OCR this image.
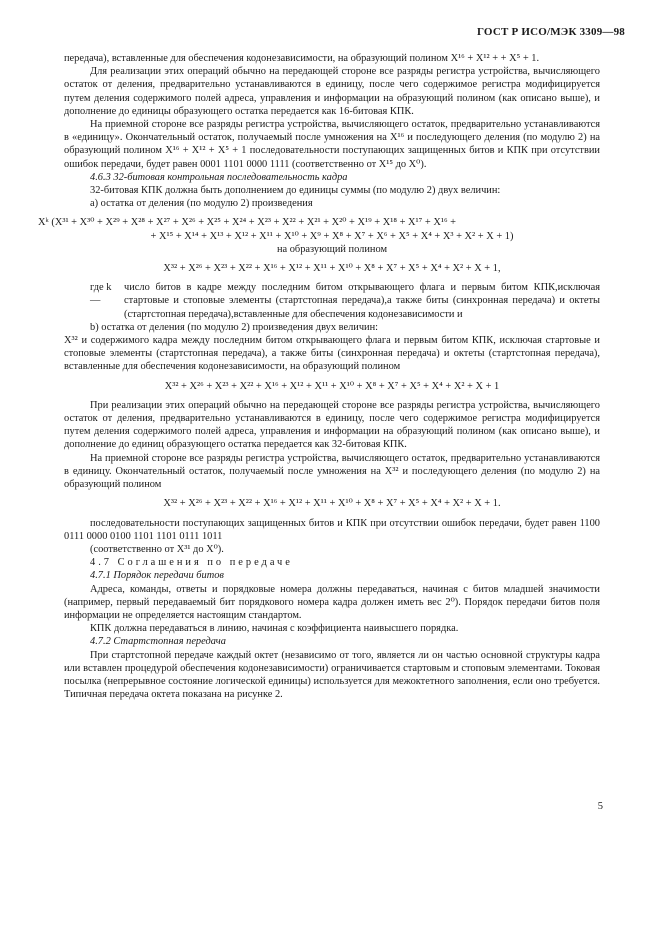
ГОСТ Р ИСО/МЭК 3309—98

передача), вставленные для обеспечения кодонезависимости, на образующий полином X¹⁶ + X¹² + + X⁵ + 1.

Для реализации этих операций обычно на передающей стороне все разряды регистра устройства, вычисляющего остаток от деления, предварительно устанавливаются в единицу, после чего содержимое регистра модифицируется путем деления содержимого полей адреса, управления и информации на образующий полином (как описано выше), и дополнение до единицы образующего остатка передается как 16-битовая КПК.

На приемной стороне все разряды регистра устройства, вычисляющего остаток, предварительно устанавливаются в «единицу». Окончательный остаток, получаемый после умножения на X¹⁶ и последующего деления (по модулю 2) на образующий полином X¹⁶ + X¹² + X⁵ + 1 последовательности поступающих защищенных битов и КПК при отсутствии ошибок передачи, будет равен 0001 1101 0000 1111 (соответственно от X¹⁵ до X⁰).

4.6.3 32-битовая контрольная последовательность кадра

32-битовая КПК должна быть дополнением до единицы суммы (по модулю 2) двух величин:

а) остатка от деления (по модулю 2) произведения

Xᵏ (X³¹ + X³⁰ + X²⁹ + X²⁸ + X²⁷ + X²⁶ + X²⁵ + X²⁴ + X²³ + X²² + X²¹ + X²⁰ + X¹⁹ + X¹⁸ + X¹⁷ + X¹⁶ +

+ X¹⁵ + X¹⁴ + X¹³ + X¹² + X¹¹ + X¹⁰ + X⁹ + X⁸ + X⁷ + X⁶ + X⁵ + X⁴ + X³ + X² + X + 1)

на образующий полином

X³² + X²⁶ + X²³ + X²² + X¹⁶ + X¹² + X¹¹ + X¹⁰ + X⁸ + X⁷ + X⁵ + X⁴ + X² + X + 1,

где k —
число битов в кадре между последним битом открывающего флага и первым битом КПК,исключая стартовые и стоповые элементы (стартстопная передача),а также биты (синхронная передача) и октеты (стартстопная передача),вставленные для обеспечения кодонезависимости и

b) остатка от деления (по модулю 2) произведения двух величин:

X³² и содержимого кадра между последним битом открывающего флага и первым битом КПК, исключая стартовые и стоповые элементы (стартстопная передача), а также биты (синхронная передача) и октеты (стартстопная передача), вставленные для обеспечения кодонезависимости, на образующий полином

X³² + X²⁶ + X²³ + X²² + X¹⁶ + X¹² + X¹¹ + X¹⁰ + X⁸ + X⁷ + X⁵ + X⁴ + X² + X + 1

При реализации этих операций обычно на передающей стороне все разряды регистра устройства, вычисляющего остаток от деления, предварительно устанавливаются в единицу, после чего содержимое регистра модифицируется путем деления содержимого полей адреса, управления и информации на образующий полином (как описано выше), и дополнение до единиц образующего остатка передается как 32-битовая КПК.

На приемной стороне все разряды регистра устройства, вычисляющего остаток, предварительно устанавливаются в единицу. Окончательный остаток, получаемый после умножения на X³² и последующего деления (по модулю 2) на образующий полином

X³² + X²⁶ + X²³ + X²² + X¹⁶ + X¹² + X¹¹ + X¹⁰ + X⁸ + X⁷ + X⁵ + X⁴ + X² + X + 1.

последовательности поступающих защищенных битов и КПК при отсутствии ошибок передачи, будет равен 1100 0111 0000 0100 1101 1101 0111 1011

(соответственно от X³¹ до X⁰).

4.7 Соглашения по передаче

4.7.1 Порядок передачи битов

Адреса, команды, ответы и порядковые номера должны передаваться, начиная с битов младшей значимости (например, первый передаваемый бит порядкового номера кадра должен иметь вес 2⁰). Порядок передачи битов поля информации не определяется настоящим стандартом.

КПК должна передаваться в линию, начиная с коэффициента наивысшего порядка.

4.7.2 Стартстопная передача

При стартстопной передаче каждый октет (независимо от того, является ли он частью основной структуры кадра или вставлен процедурой обеспечения кодонезависимости) ограничивается стартовым и стоповым элементами. Токовая посылка (непрерывное состояние логической единицы) используется для межоктетного заполнения, если оно требуется. Типичная передача октета показана на рисунке 2.

5
